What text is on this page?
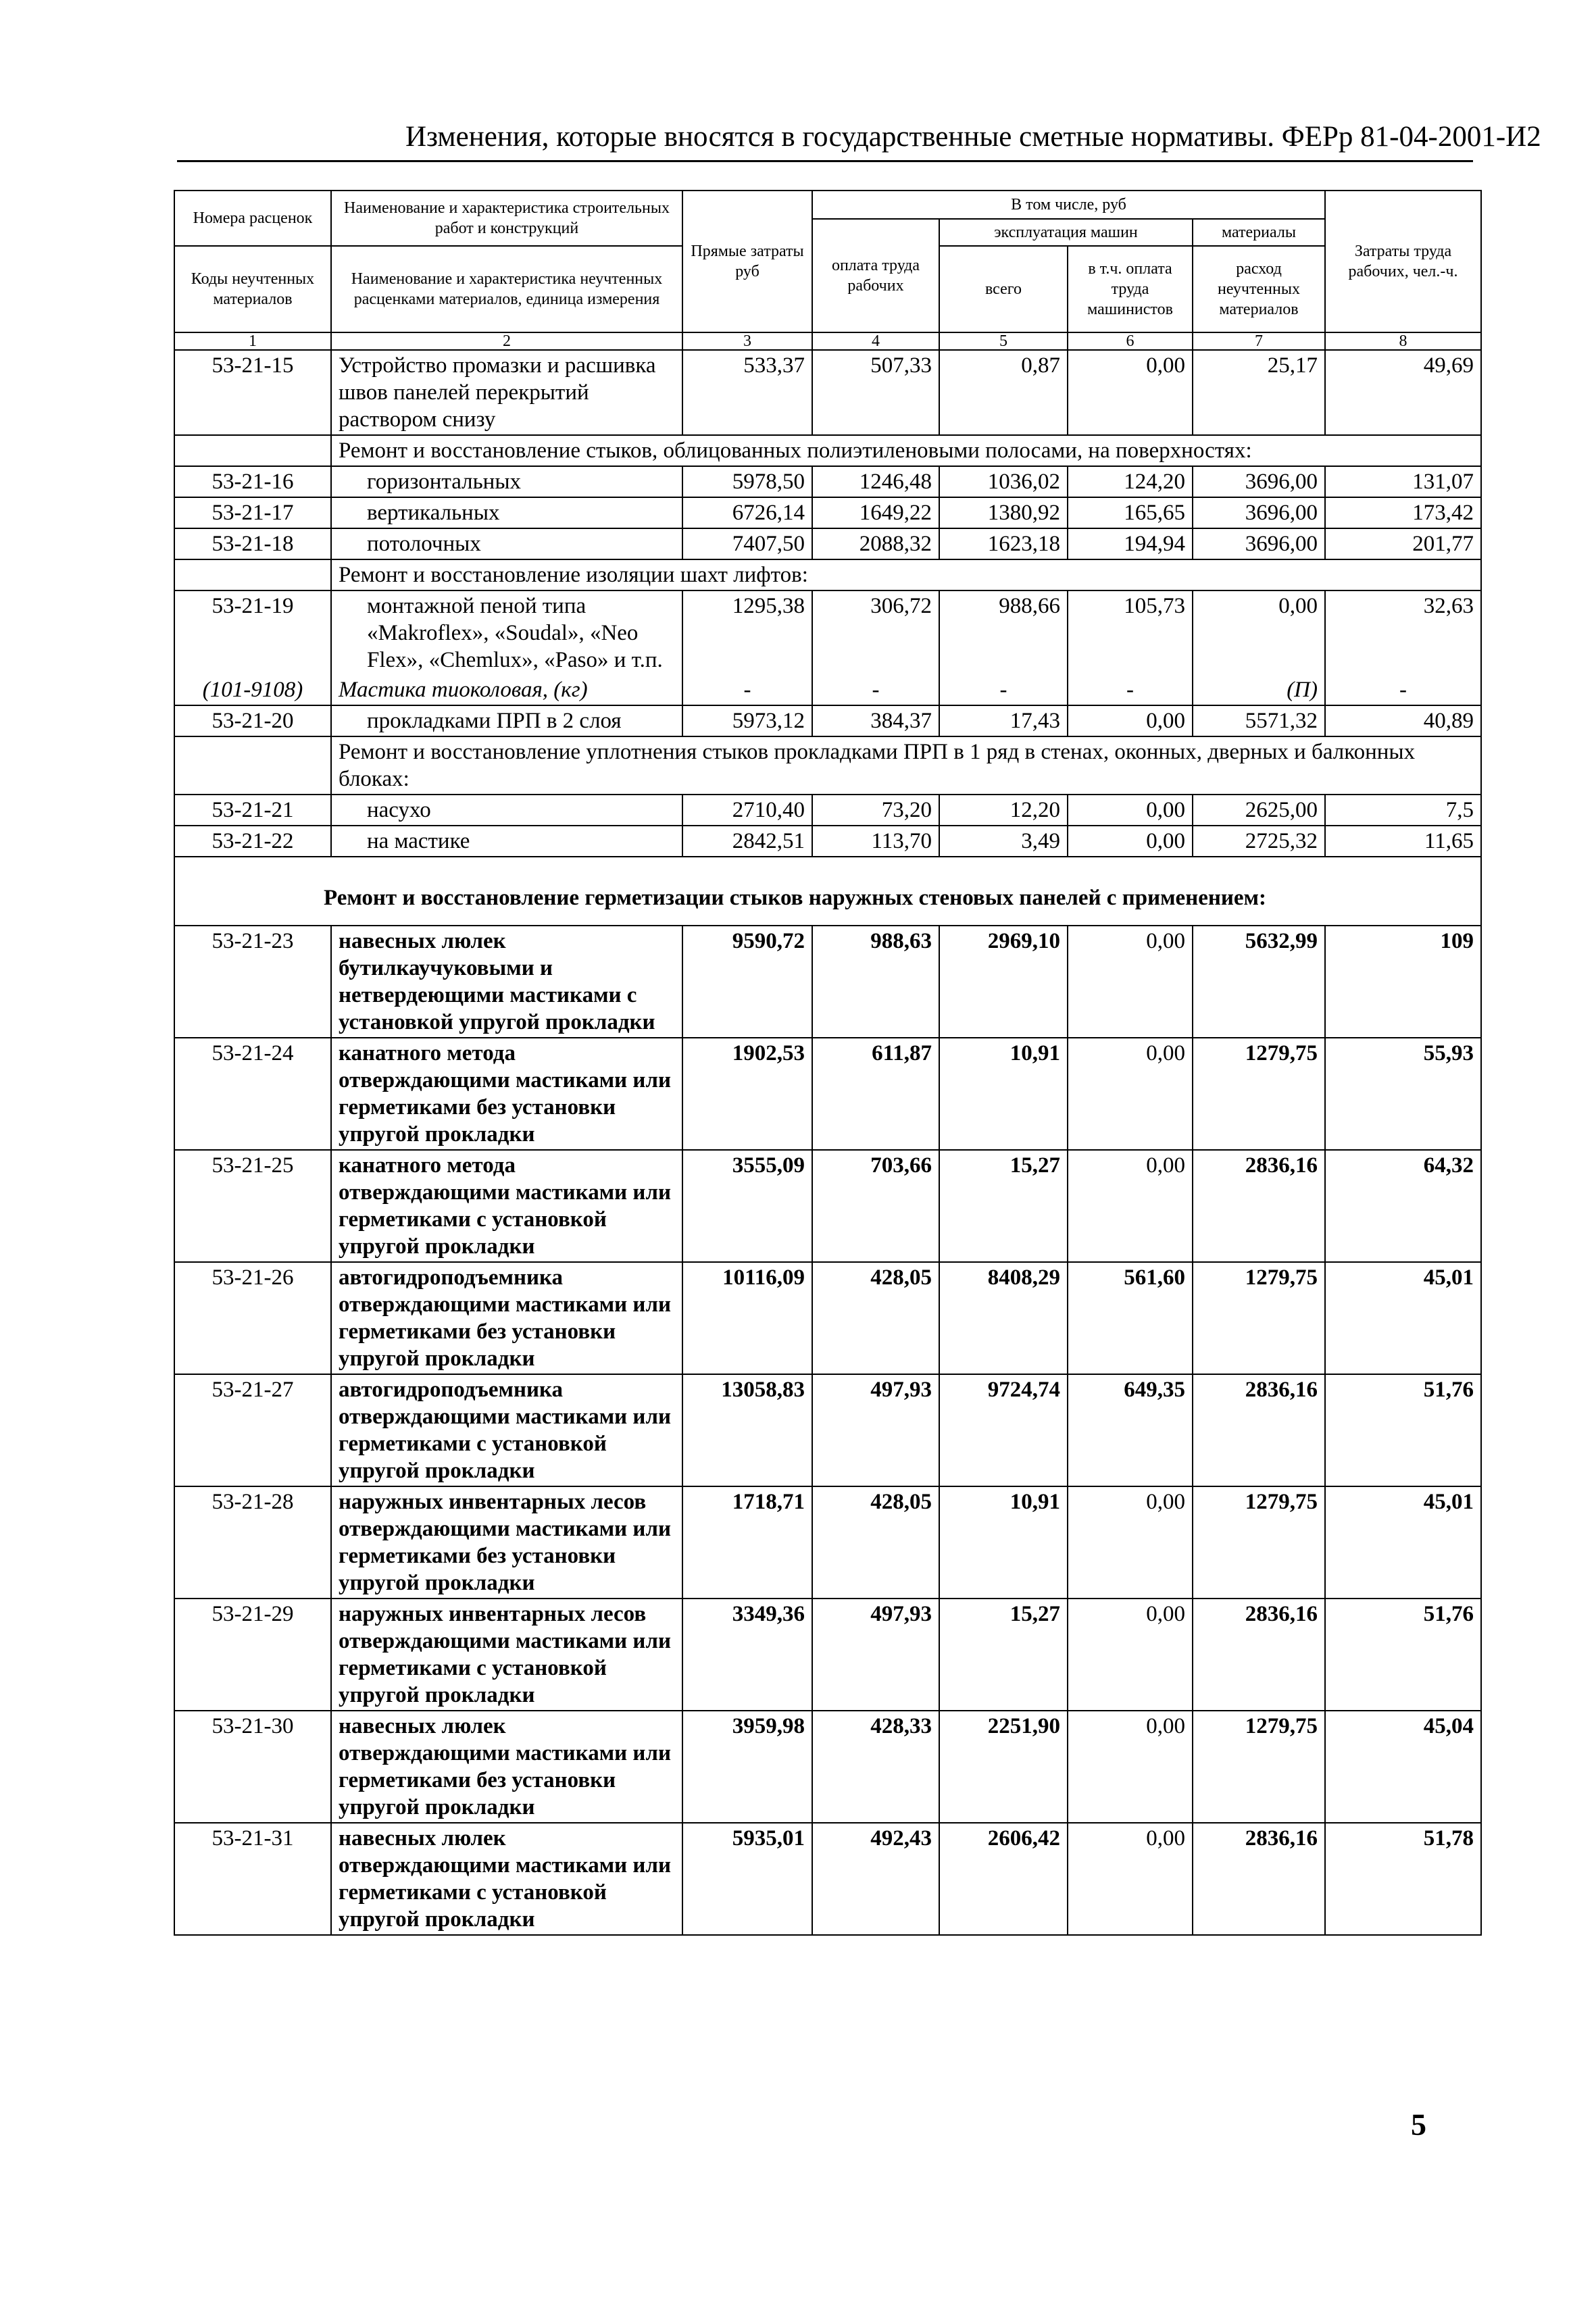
Изменения, которые вносятся в государственные сметные нормативы. ФЕРр 81-04-2001-И2
Номера расценок	Наименование и характеристика строительных работ и конструкций	Прямые затраты руб	В том числе, руб				Затраты труда рабочих, чел.-ч.
			оплата труда рабочих	эксплуатация машин		материалы	
Коды неучтенных материалов	Наименование и характеристика неучтенных расценками материалов, единица измерения			всего	в т.ч. оплата труда машинистов	расход неучтенных материалов	

1	2	3	4	5	6	7	8
53-21-15	Устройство промазки и расшивка швов панелей перекрытий раствором снизу	533,37	507,33	0,87	0,00	25,17	49,69
	Ремонт и восстановление стыков, облицованных полиэтиленовыми полосами, на поверхностях:						
53-21-16	горизонтальных	5978,50	1246,48	1036,02	124,20	3696,00	131,07
53-21-17	вертикальных	6726,14	1649,22	1380,92	165,65	3696,00	173,42
53-21-18	потолочных	7407,50	2088,32	1623,18	194,94	3696,00	201,77
	Ремонт и восстановление изоляции шахт лифтов:						
53-21-19	монтажной пеной типа «Makroflex», «Soudal», «Neo Flex», «Chemlux», «Paso» и т.п.	1295,38	306,72	988,66	105,73	0,00	32,63
(101-9108)	Мастика тиоколовая, (кг)	-	-	-	-	(П)	-
53-21-20	прокладками ПРП в 2 слоя	5973,12	384,37	17,43	0,00	5571,32	40,89
	Ремонт и восстановление уплотнения стыков прокладками ПРП в 1 ряд в стенах, оконных, дверных и балконных блоках:						
53-21-21	насухо	2710,40	73,20	12,20	0,00	2625,00	7,5
53-21-22	на мастике	2842,51	113,70	3,49	0,00	2725,32	11,65
Ремонт и восстановление герметизации стыков наружных стеновых панелей с применением:							
53-21-23	навесных люлек бутилкаучуковыми и нетвердеющими мастиками с установкой упругой прокладки	9590,72	988,63	2969,10	0,00	5632,99	109
53-21-24	канатного метода отверждающими мастиками или герметиками без установки упругой прокладки	1902,53	611,87	10,91	0,00	1279,75	55,93
53-21-25	канатного метода отверждающими мастиками или герметиками с установкой упругой прокладки	3555,09	703,66	15,27	0,00	2836,16	64,32
53-21-26	автогидроподъемника отверждающими мастиками или герметиками без установки упругой прокладки	10116,09	428,05	8408,29	561,60	1279,75	45,01
53-21-27	автогидроподъемника отверждающими мастиками или герметиками с установкой упругой прокладки	13058,83	497,93	9724,74	649,35	2836,16	51,76
53-21-28	наружных инвентарных лесов отверждающими мастиками или герметиками без установки упругой прокладки	1718,71	428,05	10,91	0,00	1279,75	45,01
53-21-29	наружных инвентарных лесов отверждающими мастиками или герметиками с установкой упругой прокладки	3349,36	497,93	15,27	0,00	2836,16	51,76
53-21-30	навесных люлек отверждающими мастиками или герметиками без установки упругой прокладки	3959,98	428,33	2251,90	0,00	1279,75	45,04
53-21-31	навесных люлек отверждающими мастиками или герметиками с установкой упругой прокладки	5935,01	492,43	2606,42	0,00	2836,16	51,78
5
